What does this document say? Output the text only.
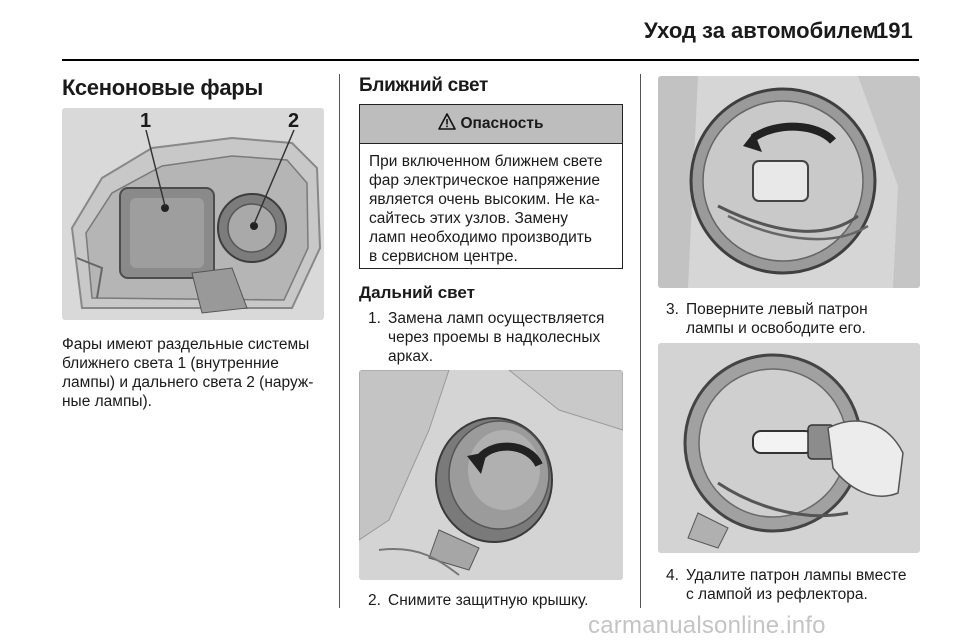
Уход за автомобилем
191
Ксеноновые фары
1	2
Фары имеют раздельные системы
ближнего света 1 (внутренние
лампы) и дальнего света 2 (наруж-
ные лампы).
Ближний свет
Опасность
При включенном ближнем свете
фар электрическое напряжение
является очень высоким. Не ка-
сайтесь этих узлов. Замену
ламп необходимо производить
в сервисном центре.
Дальний свет
1. Замена ламп осуществляется
через проемы в надколесных
арках.
2. Снимите защитную крышку.
3. Поверните левый патрон
лампы и освободите его.
4. Удалите патрон лампы вместе
с лампой из рефлектора.
carmanualsonline.info
